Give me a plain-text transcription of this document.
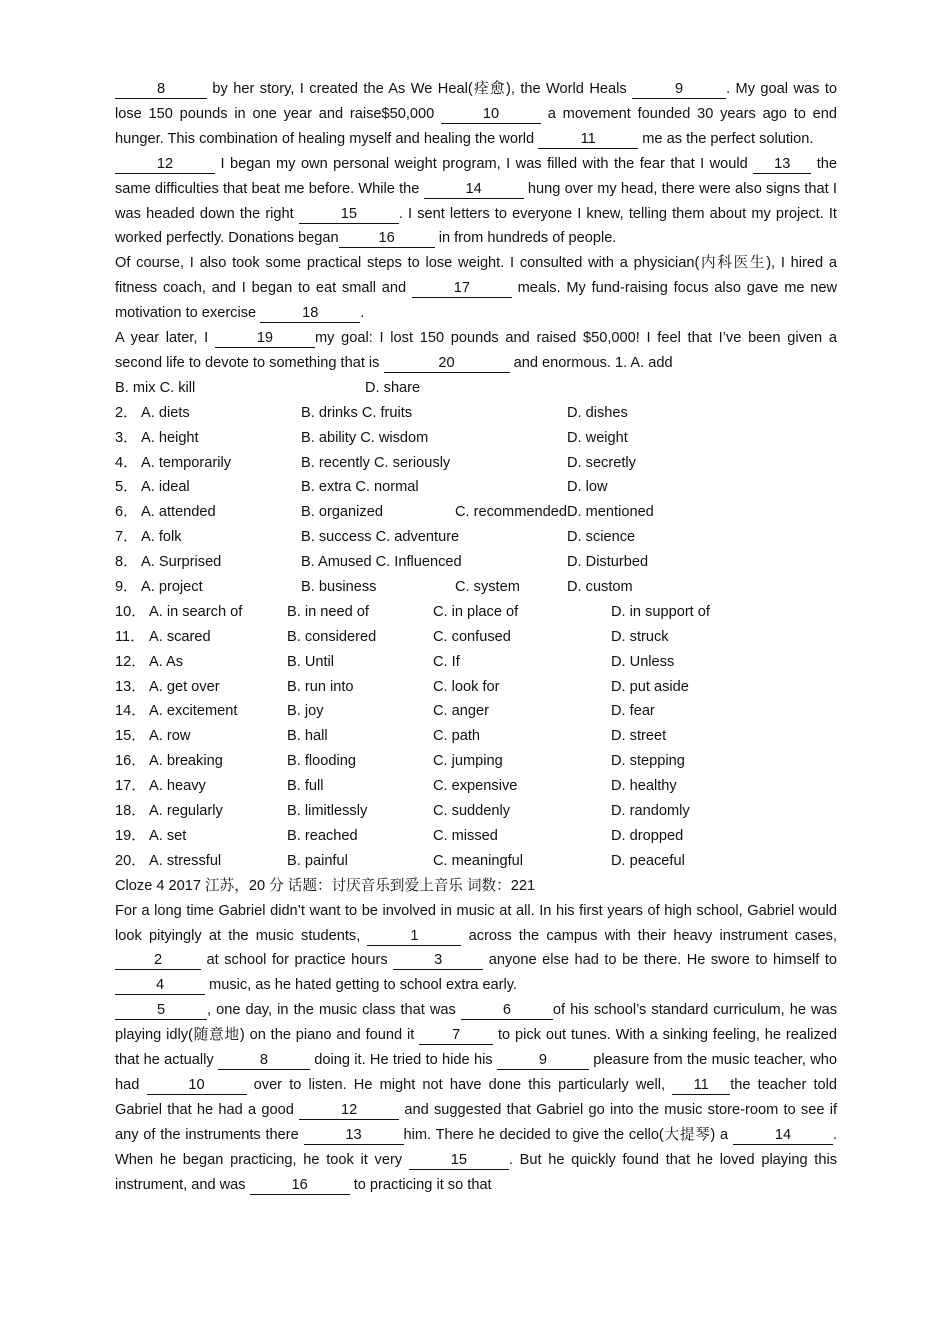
8	by her story, I created the As We Heal(痊愈), the World Heals	9	. My goal was to lose 150 pounds in one year and raise$50,000	10	a movement founded 30 years ago to end hunger. This combination of healing myself and healing the world	11	me as the perfect solution.

12	I began my own personal weight program, I was filled with the fear that I would 13 the same difficulties that beat me before. While the	14	hung over my head, there were also signs that I was headed down the right	15	. I sent letters to everyone I knew, telling them about my project. It worked perfectly. Donations began	16	in from hundreds of people.

Of course, I also took some practical steps to lose weight. I consulted with a physician(内科医生), I hired a fitness coach, and I began to eat small and	17	meals. My fund-raising focus also gave me new motivation to exercise	18	.

A year later, I	19	my goal: I lost 150 pounds and raised $50,000! I feel that I’ve been given a second life to devote to something that is	20	and enormous. 1. A. add

B. mix C. kill	D. share
2． A. diets	B. drinks C. fruits	D. dishes
3． A. height	B. ability C. wisdom	D. weight
4． A. temporarily	B. recently C. seriously	D. secretly
5． A. ideal	B. extra C. normal	D. low
6． A. attended	B. organized	C. recommended D. mentioned
7． A. folk	B. success C. adventure	D. science
8． A. Surprised	B. Amused C. Influenced	D. Disturbed
9． A. project	B. business	C. system	D. custom
10． A. in search of	B. in need of	C. in place of	D. in support of
11． A. scared	B. considered	C. confused	D. struck
12． A. As	B. Until	C. If	D. Unless
13． A. get over	B. run into	C. look for	D. put aside
14． A. excitement	B. joy	C. anger	D. fear
15． A. row	B. hall	C. path	D. street
16． A. breaking	B. flooding	C. jumping	D. stepping
17． A. heavy	B. full	C. expensive	D. healthy
18． A. regularly	B. limitlessly	C. suddenly	D. randomly
19． A. set	B. reached	C. missed	D. dropped
20． A. stressful	B. painful	C. meaningful	D. peaceful

Cloze 4 2017 江苏，20 分 话题：讨厌音乐到爱上音乐 词数：221

For a long time Gabriel didn’t want to be involved in music at all. In his first years of high school, Gabriel would look pityingly at the music students,	1	across the campus with their heavy instrument cases, 2	at school for practice hours	3	anyone else had to be there. He swore to himself to 4	music, as he hated getting to school extra early.

5	, one day, in the music class that was	6	of his school’s standard curriculum, he was playing idly(随意地) on the piano and found it 7 to pick out tunes. With a sinking feeling, he realized that he actually	8	doing it. He tried to hide his	9	pleasure from the music teacher, who had	10	over to listen. He might not have done this particularly well, 11 the teacher told Gabriel that he had a good	12	and suggested that Gabriel go into the music store-room to see if any of the instruments there	13	him. There he decided to give the cello(大提琴) a	14	. When he began practicing, he took it very	15	. But he quickly found that he loved playing this instrument, and was	16	to practicing it so that
